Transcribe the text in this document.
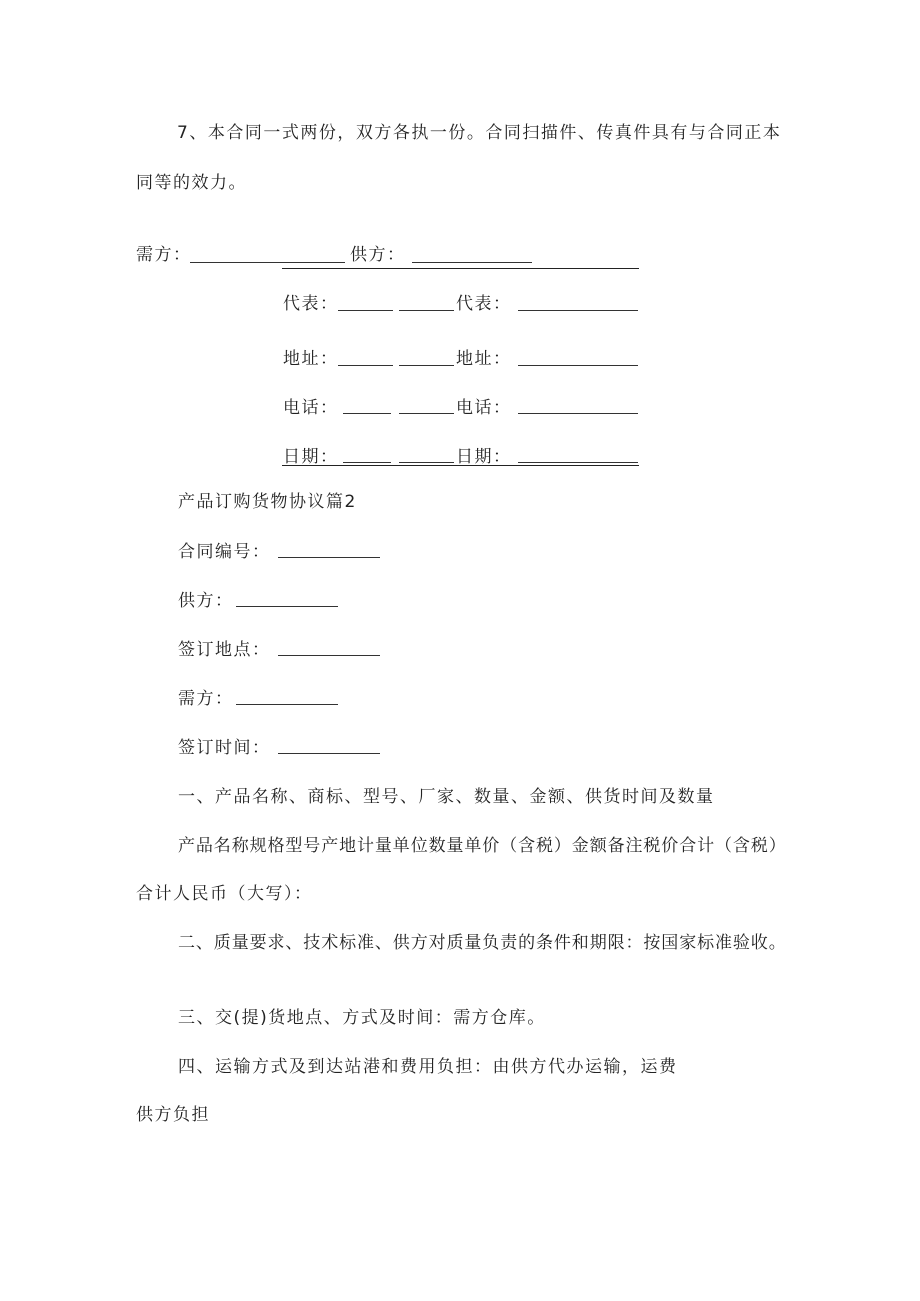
7、本合同一式两份，双方各执一份。合同扫描件、传真件具有与合同正本
同等的效力。
需方：	供方：
代表：	代表：
地址：	地址：
电话：	电话：
日期：	日期：
产品订购货物协议篇2
合同编号：
供方：
签订地点：
需方：
签订时间：
一、产品名称、商标、型号、厂家、数量、金额、供货时间及数量
产品名称规格型号产地计量单位数量单价（含税）金额备注税价合计（含税）
合计人民币（大写）：
二、质量要求、技术标准、供方对质量负责的条件和期限：按国家标准验收。
三、交(提)货地点、方式及时间：需方仓库。
四、运输方式及到达站港和费用负担：由供方代办运输，运费
供方负担
